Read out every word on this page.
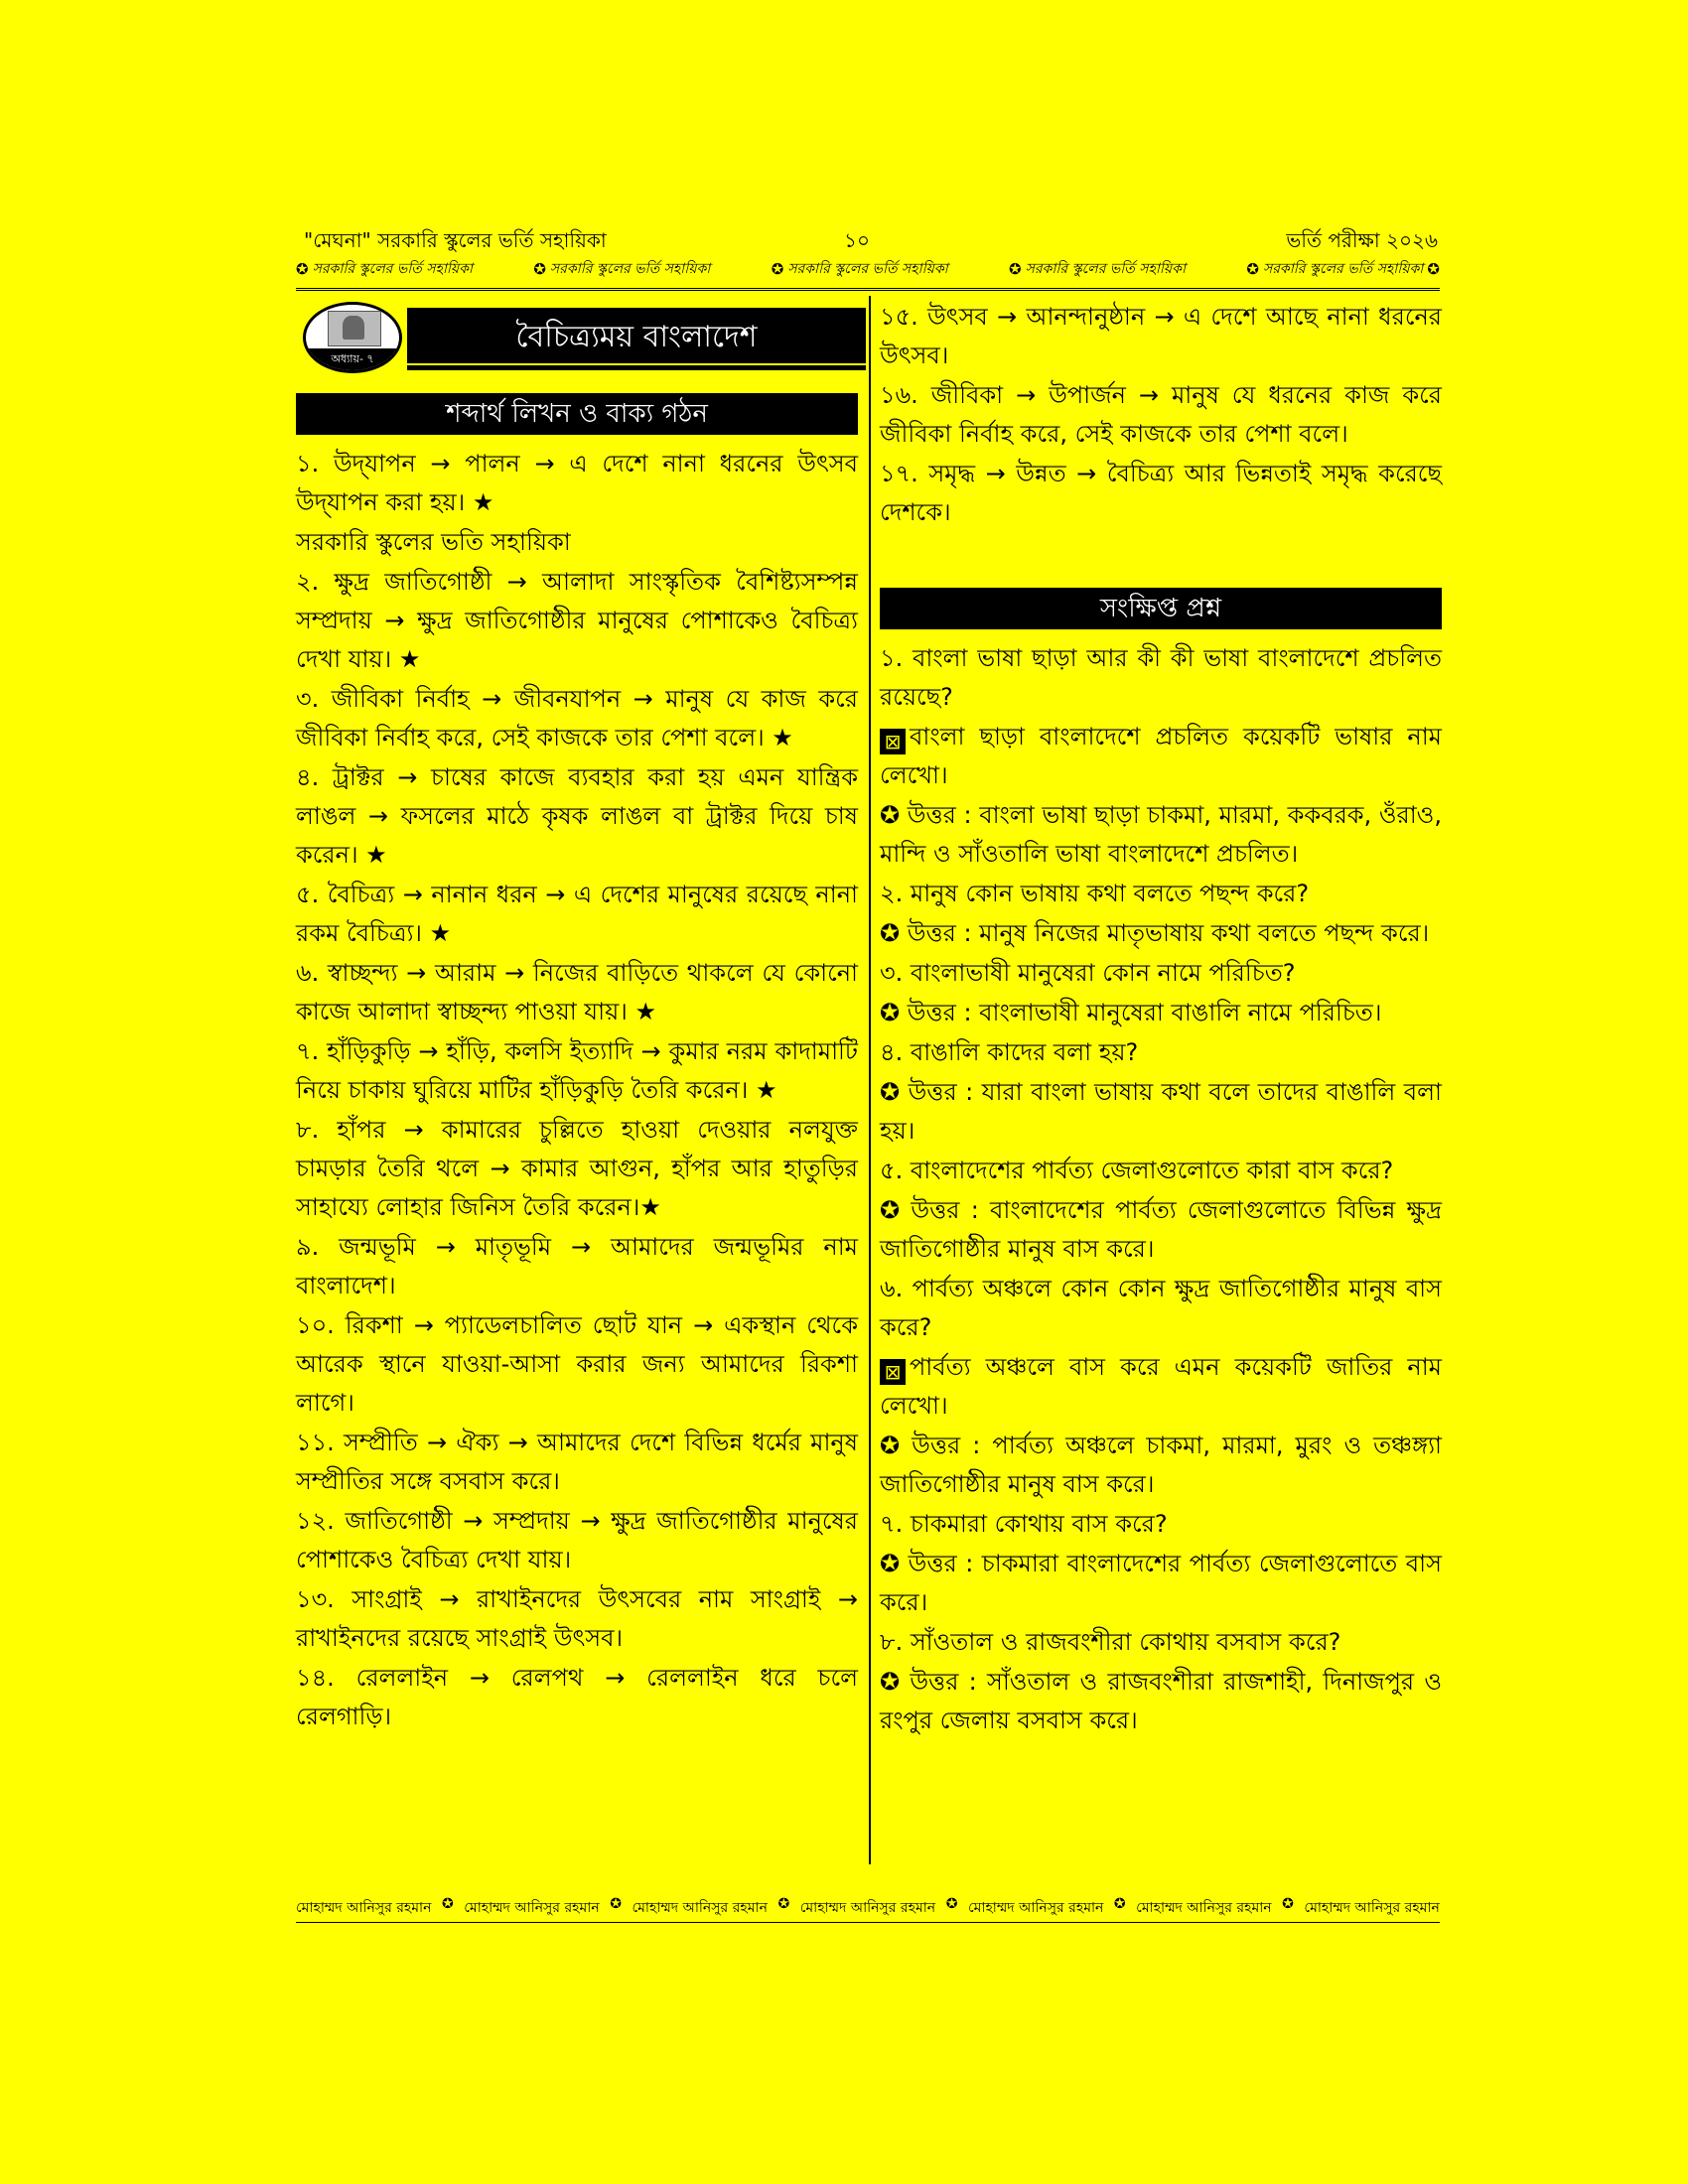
"মেঘনা" সরকারি স্কুলের ভর্তি সহায়িকা	১০	ভর্তি পরীক্ষা ২০২৬
✪ সরকারি স্কুলের ভর্তি সহায়িকা	✪ সরকারি স্কুলের ভর্তি সহায়িকা	✪ সরকারি স্কুলের ভর্তি সহায়িকা	✪ সরকারি স্কুলের ভর্তি সহায়িকা	✪ সরকারি স্কুলের ভর্তি সহায়িকা ✪
অধ্যায়- ৭
বৈচিত্র্যময় বাংলাদেশ
শব্দার্থ লিখন ও বাক্য গঠন

১. উদ্‌যাপন → পালন → এ দেশে নানা ধরনের উৎসব উদ্‌যাপন করা হয়। ★

সরকারি স্কুলের ভতি সহায়িকা

২. ক্ষুদ্র জাতিগোষ্ঠী → আলাদা সাংস্কৃতিক বৈশিষ্ট্যসম্পন্ন সম্প্রদায় → ক্ষুদ্র জাতিগোষ্ঠীর মানুষের পোশাকেও বৈচিত্র্য দেখা যায়। ★

৩. জীবিকা নির্বাহ → জীবনযাপন → মানুষ যে কাজ করে জীবিকা নির্বাহ করে, সেই কাজকে তার পেশা বলে। ★

৪. ট্রাক্টর → চাষের কাজে ব্যবহার করা হয় এমন যান্ত্রিক লাঙল → ফসলের মাঠে কৃষক লাঙল বা ট্রাক্টর দিয়ে চাষ করেন। ★

৫. বৈচিত্র্য → নানান ধরন → এ দেশের মানুষের রয়েছে নানা রকম বৈচিত্র্য। ★

৬. স্বাচ্ছন্দ্য → আরাম → নিজের বাড়িতে থাকলে যে কোনো কাজে আলাদা স্বাচ্ছন্দ্য পাওয়া যায়। ★

৭. হাঁড়িকুড়ি → হাঁড়ি, কলসি ইত্যাদি → কুমার নরম কাদামাটি নিয়ে চাকায় ঘুরিয়ে মাটির হাঁড়িকুড়ি তৈরি করেন। ★

৮. হাঁপর → কামারের চুল্লিতে হাওয়া দেওয়ার নলযুক্ত চামড়ার তৈরি থলে → কামার আগুন, হাঁপর আর হাতুড়ির সাহায্যে লোহার জিনিস তৈরি করেন।★

৯. জন্মভূমি → মাতৃভূমি → আমাদের জন্মভূমির নাম বাংলাদেশ।

১০. রিকশা → প্যাডেলচালিত ছোট যান → একস্থান থেকে আরেক স্থানে যাওয়া-আসা করার জন্য আমাদের রিকশা লাগে।

১১. সম্প্রীতি → ঐক্য → আমাদের দেশে বিভিন্ন ধর্মের মানুষ সম্প্রীতির সঙ্গে বসবাস করে।

১২. জাতিগোষ্ঠী → সম্প্রদায় → ক্ষুদ্র জাতিগোষ্ঠীর মানুষের পোশাকেও বৈচিত্র্য দেখা যায়।

১৩. সাংগ্রাই → রাখাইনদের উৎসবের নাম সাংগ্রাই → রাখাইনদের রয়েছে সাংগ্রাই উৎসব।

১৪. রেললাইন → রেলপথ → রেললাইন ধরে চলে রেলগাড়ি।

১৫. উৎসব → আনন্দানুষ্ঠান → এ দেশে আছে নানা ধরনের উৎসব।

১৬. জীবিকা → উপার্জন → মানুষ যে ধরনের কাজ করে জীবিকা নির্বাহ করে, সেই কাজকে তার পেশা বলে।

১৭. সমৃদ্ধ → উন্নত → বৈচিত্র্য আর ভিন্নতাই সমৃদ্ধ করেছে দেশকে।

সংক্ষিপ্ত প্রশ্ন

১. বাংলা ভাষা ছাড়া আর কী কী ভাষা বাংলাদেশে প্রচলিত রয়েছে?

⊠ বাংলা ছাড়া বাংলাদেশে প্রচলিত কয়েকটি ভাষার নাম লেখো।

✪ উত্তর : বাংলা ভাষা ছাড়া চাকমা, মারমা, ককবরক, ওঁরাও, মান্দি ও সাঁওতালি ভাষা বাংলাদেশে প্রচলিত।

২. মানুষ কোন ভাষায় কথা বলতে পছন্দ করে?

✪ উত্তর : মানুষ নিজের মাতৃভাষায় কথা বলতে পছন্দ করে।

৩. বাংলাভাষী মানুষেরা কোন নামে পরিচিত?

✪ উত্তর : বাংলাভাষী মানুষেরা বাঙালি নামে পরিচিত।

৪. বাঙালি কাদের বলা হয়?

✪ উত্তর : যারা বাংলা ভাষায় কথা বলে তাদের বাঙালি বলা হয়।

৫. বাংলাদেশের পার্বত্য জেলাগুলোতে কারা বাস করে?

✪ উত্তর : বাংলাদেশের পার্বত্য জেলাগুলোতে বিভিন্ন ক্ষুদ্র জাতিগোষ্ঠীর মানুষ বাস করে।

৬. পার্বত্য অঞ্চলে কোন কোন ক্ষুদ্র জাতিগোষ্ঠীর মানুষ বাস করে?

⊠ পার্বত্য অঞ্চলে বাস করে এমন কয়েকটি জাতির নাম লেখো।

✪ উত্তর : পার্বত্য অঞ্চলে চাকমা, মারমা, মুরং ও তঞ্চঙ্গ্যা জাতিগোষ্ঠীর মানুষ বাস করে।

৭. চাকমারা কোথায় বাস করে?

✪ উত্তর : চাকমারা বাংলাদেশের পার্বত্য জেলাগুলোতে বাস করে।

৮. সাঁওতাল ও রাজবংশীরা কোথায় বসবাস করে?

✪ উত্তর : সাঁওতাল ও রাজবংশীরা রাজশাহী, দিনাজপুর ও রংপুর জেলায় বসবাস করে।

মোহাম্মদ আনিসুর রহমান ✪ মোহাম্মদ আনিসুর রহমান ✪ মোহাম্মদ আনিসুর রহমান ✪ মোহাম্মদ আনিসুর রহমান ✪ মোহাম্মদ আনিসুর রহমান ✪ মোহাম্মদ আনিসুর রহমান ✪ মোহাম্মদ আনিসুর রহমান
